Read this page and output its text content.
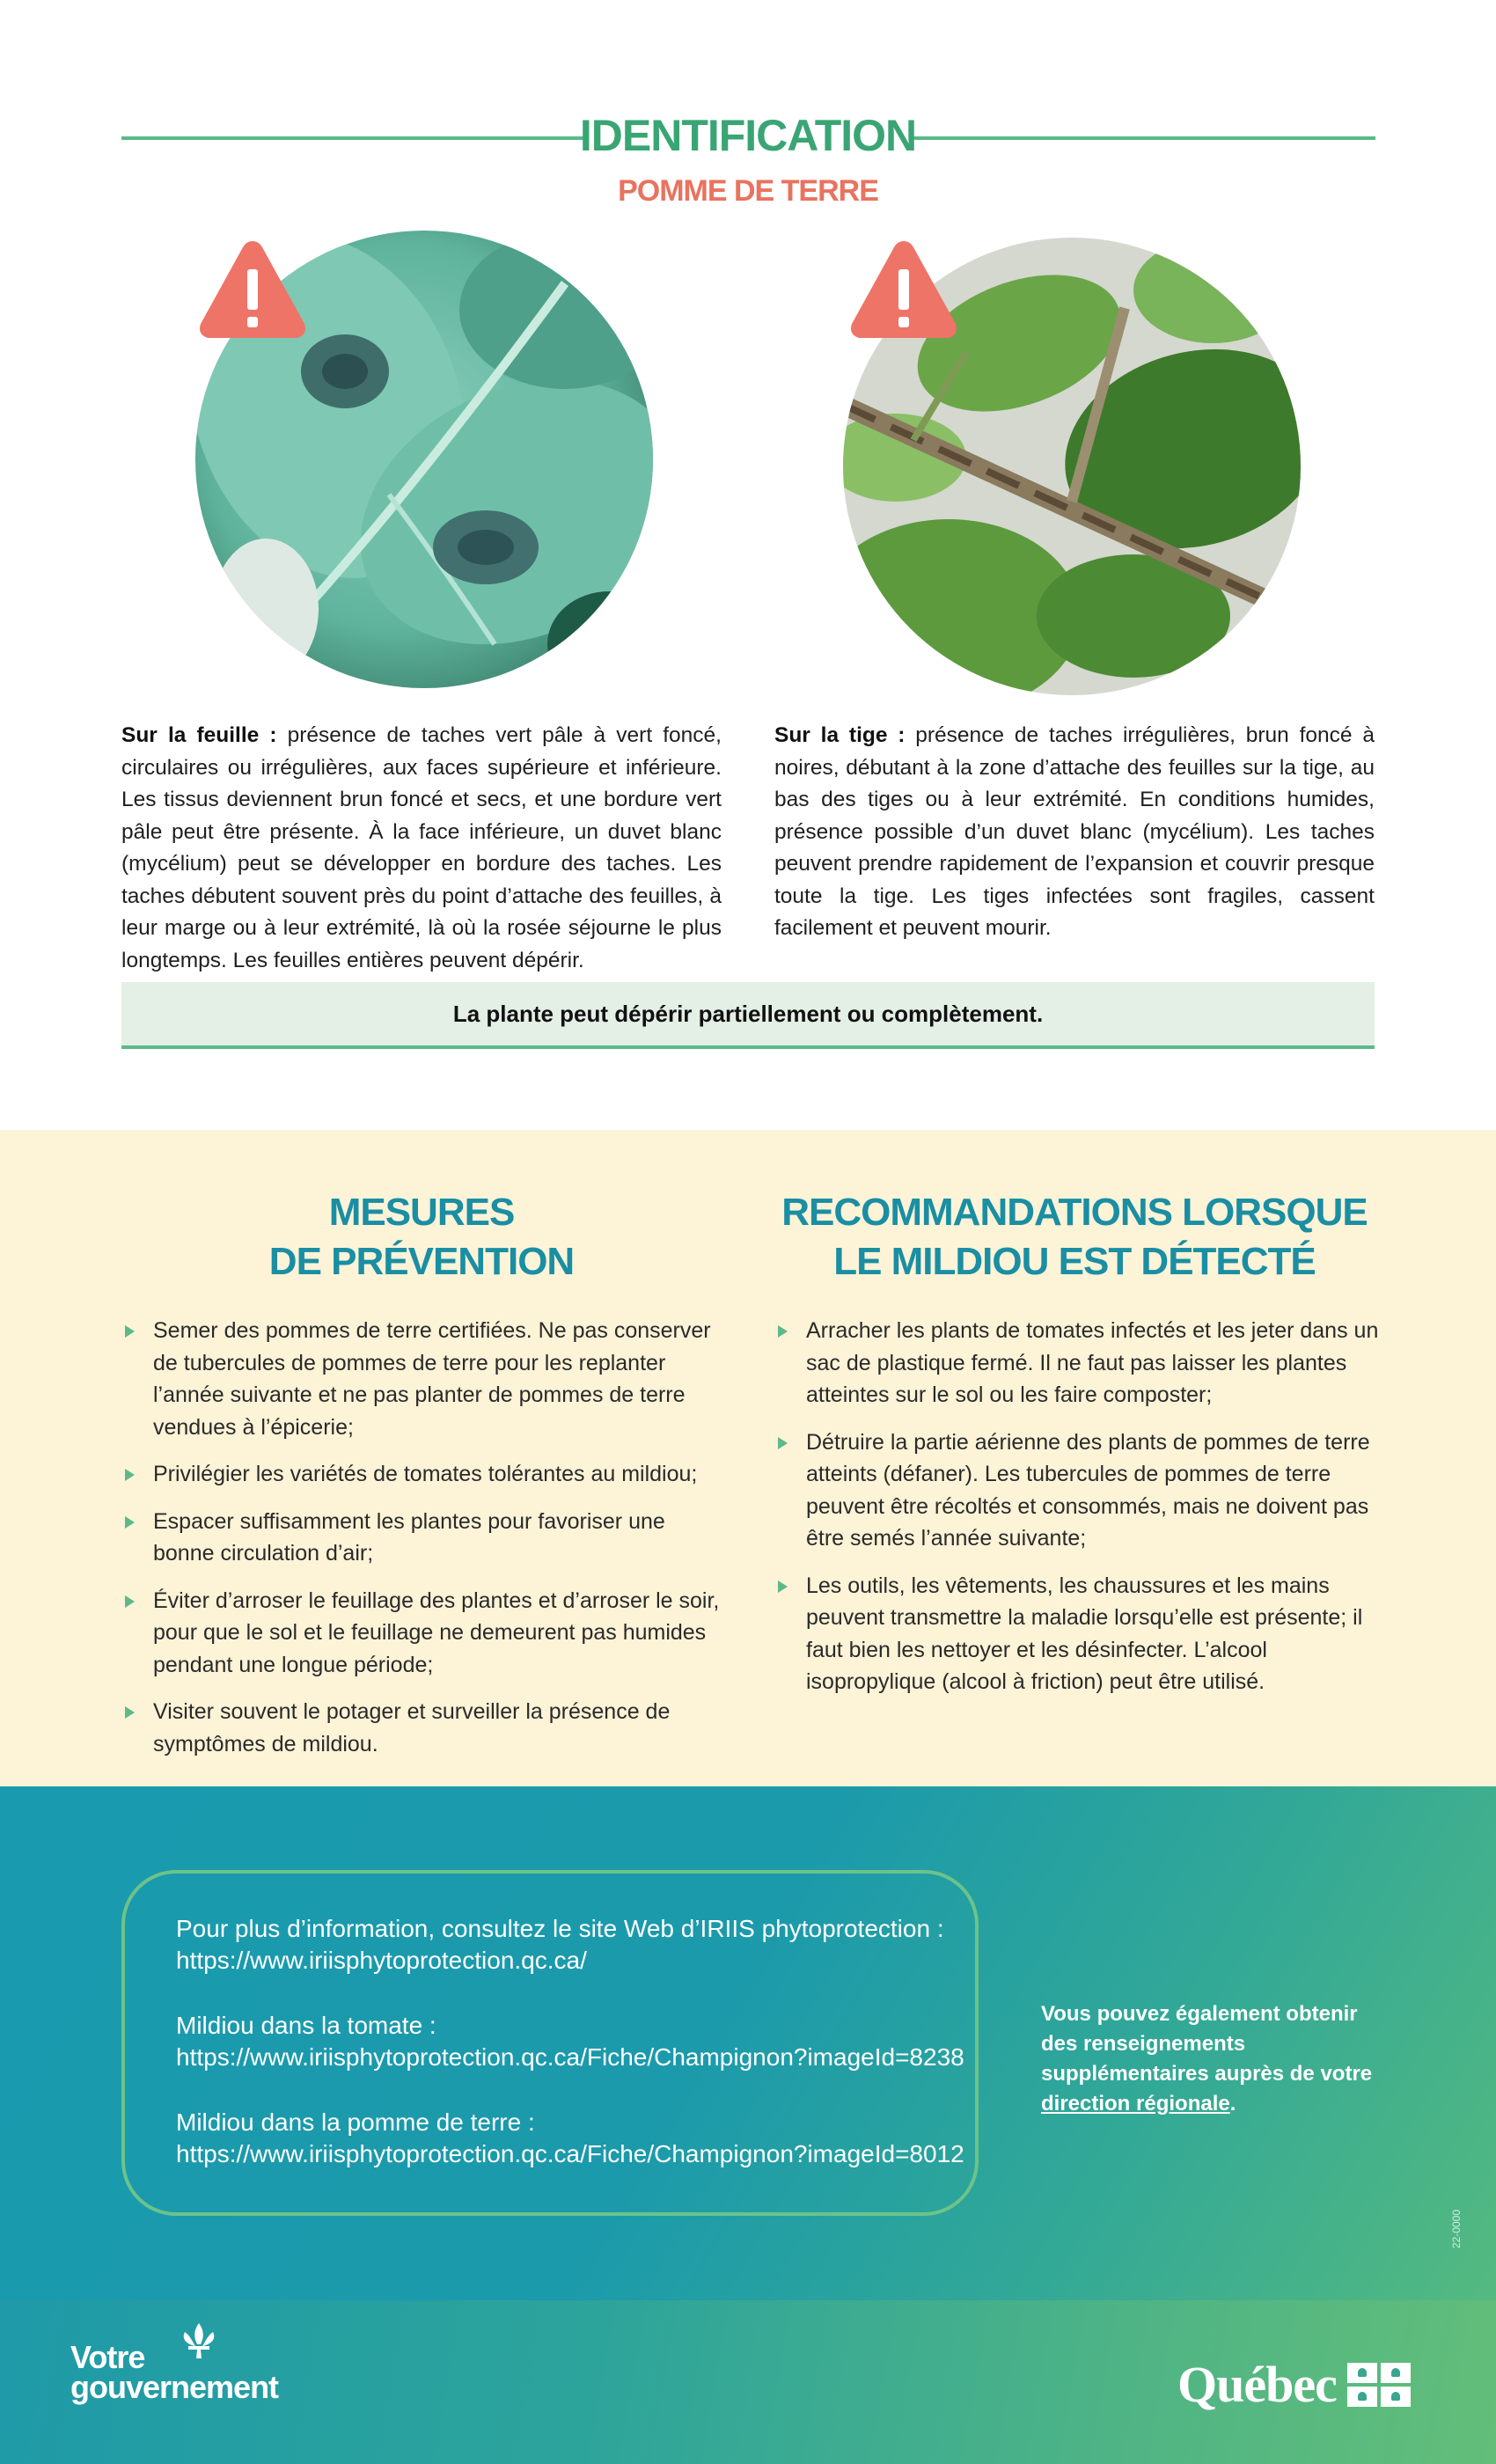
IDENTIFICATION
POMME DE TERRE
Sur la feuille : présence de taches vert pâle à vert foncé, circulaires ou irrégulières, aux faces supérieure et inférieure. Les tissus deviennent brun foncé et secs, et une bordure vert pâle peut être présente. À la face inférieure, un duvet blanc (mycélium) peut se développer en bordure des taches. Les taches débutent souvent près du point d’attache des feuilles, à leur marge ou à leur extrémité, là où la rosée séjourne le plus longtemps. Les feuilles entières peuvent dépérir.
Sur la tige : présence de taches irrégulières, brun foncé à noires, débutant à la zone d’attache des feuilles sur la tige, au bas des tiges ou à leur extrémité. En conditions humides, présence possible d’un duvet blanc (mycélium). Les taches peuvent prendre rapidement de l’expansion et couvrir presque toute la tige. Les tiges infectées sont fragiles, cassent facilement et peuvent mourir.
La plante peut dépérir partiellement ou complètement.
MESURES
DE PRÉVENTION
RECOMMANDATIONS LORSQUE
LE MILDIOU EST DÉTECTÉ
Semer des pommes de terre certifiées. Ne pas conserver de tubercules de pommes de terre pour les replanter l’année suivante et ne pas planter de pommes de terre vendues à l’épicerie;
Privilégier les variétés de tomates tolérantes au mildiou;
Espacer suffisamment les plantes pour favoriser une bonne circulation d’air;
Éviter d’arroser le feuillage des plantes et d’arroser le soir, pour que le sol et le feuillage ne demeurent pas humides pendant une longue période;
Visiter souvent le potager et surveiller la présence de symptômes de mildiou.
Arracher les plants de tomates infectés et les jeter dans un sac de plastique fermé. Il ne faut pas laisser les plantes atteintes sur le sol ou les faire composter;
Détruire la partie aérienne des plants de pommes de terre atteints (défaner). Les tubercules de pommes de terre peuvent être récoltés et consommés, mais ne doivent pas être semés l’année suivante;
Les outils, les vêtements, les chaussures et les mains peuvent transmettre la maladie lorsqu’elle est présente; il faut bien les nettoyer et les désinfecter. L’alcool isopropylique (alcool à friction) peut être utilisé.
Pour plus d’information, consultez le site Web d’IRIIS phytoprotection :
https://www.iriisphytoprotection.qc.ca/
Mildiou dans la tomate :
https://www.iriisphytoprotection.qc.ca/Fiche/Champignon?imageId=8238
Mildiou dans la pomme de terre :
https://www.iriisphytoprotection.qc.ca/Fiche/Champignon?imageId=8012
Vous pouvez également obtenir des renseignements supplémentaires auprès de votre direction régionale.
22-0000
Votre
gouvernement	Québec
